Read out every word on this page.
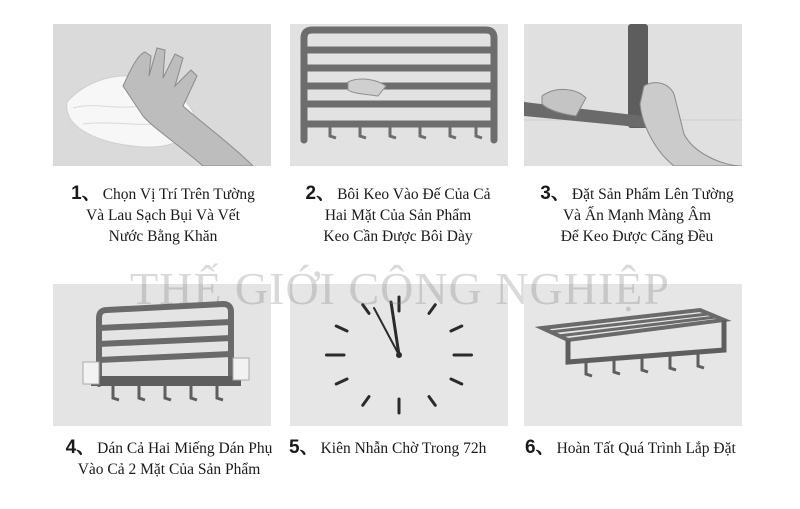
THẾ GIỚI CÔNG NGHIỆP
1、 Chọn Vị Trí Trên Tường
Và Lau Sạch Bụi Và Vết
Nước Bằng Khăn
2、 Bôi Keo Vào Đế Của Cả
Hai Mặt Của Sản Phẩm
Keo Cần Được Bôi Dày
3、 Đặt Sản Phẩm Lên Tường
Và Ấn Mạnh Màng Âm
Để Keo Được Căng Đều
4、 Dán Cả Hai Miếng Dán Phụ
Vào Cả 2 Mặt Của Sản Phẩm
5、 Kiên Nhẫn Chờ Trong 72h	6、 Hoàn Tất Quá Trình Lắp Đặt
